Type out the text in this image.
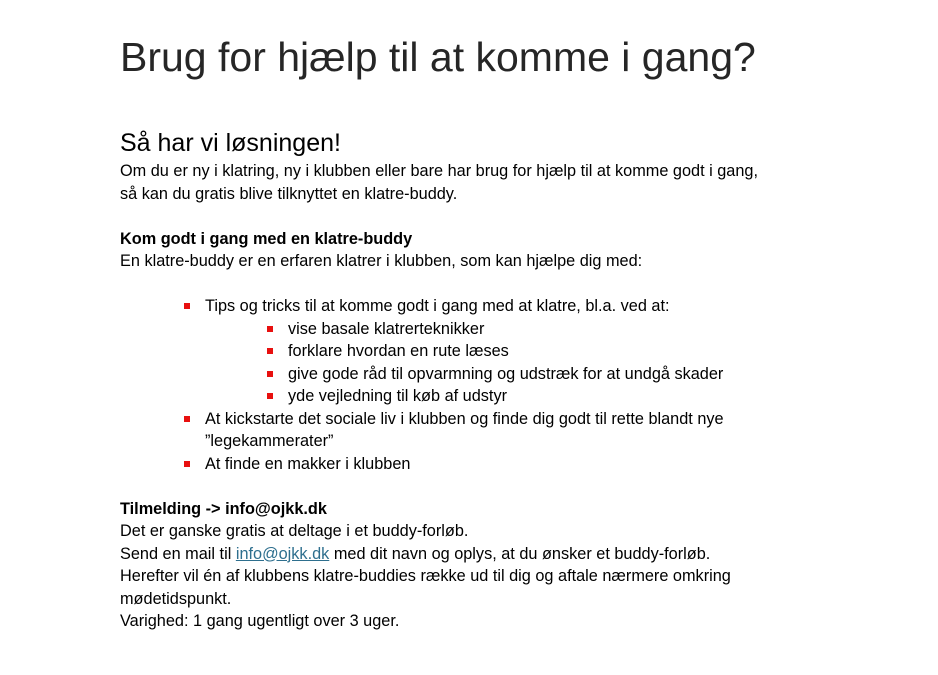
Brug for hjælp til at komme i gang?
Så har vi løsningen!

Om du er ny i klatring, ny i klubben eller bare har brug for hjælp til at komme godt i gang,

så kan du gratis blive tilknyttet en klatre-buddy.

Kom godt i gang med en klatre-buddy

En klatre-buddy er en erfaren klatrer i klubben, som kan hjælpe dig med:

Tips og tricks til at komme godt i gang med at klatre, bl.a. ved at:
vise basale klatrerteknikker
forklare hvordan en rute læses
give gode råd til opvarmning og udstræk for at undgå skader
yde vejledning til køb af udstyr
At kickstarte det sociale liv i klubben og finde dig godt til rette blandt nye
”legekammerater”
At finde en makker i klubben

Tilmelding -> info@ojkk.dk

Det er ganske gratis at deltage i et buddy-forløb.

Send en mail til info@ojkk.dk med dit navn og oplys, at du ønsker et buddy-forløb.

Herefter vil én af klubbens klatre-buddies række ud til dig og aftale nærmere omkring

mødetidspunkt.

Varighed: 1 gang ugentligt over 3 uger.
